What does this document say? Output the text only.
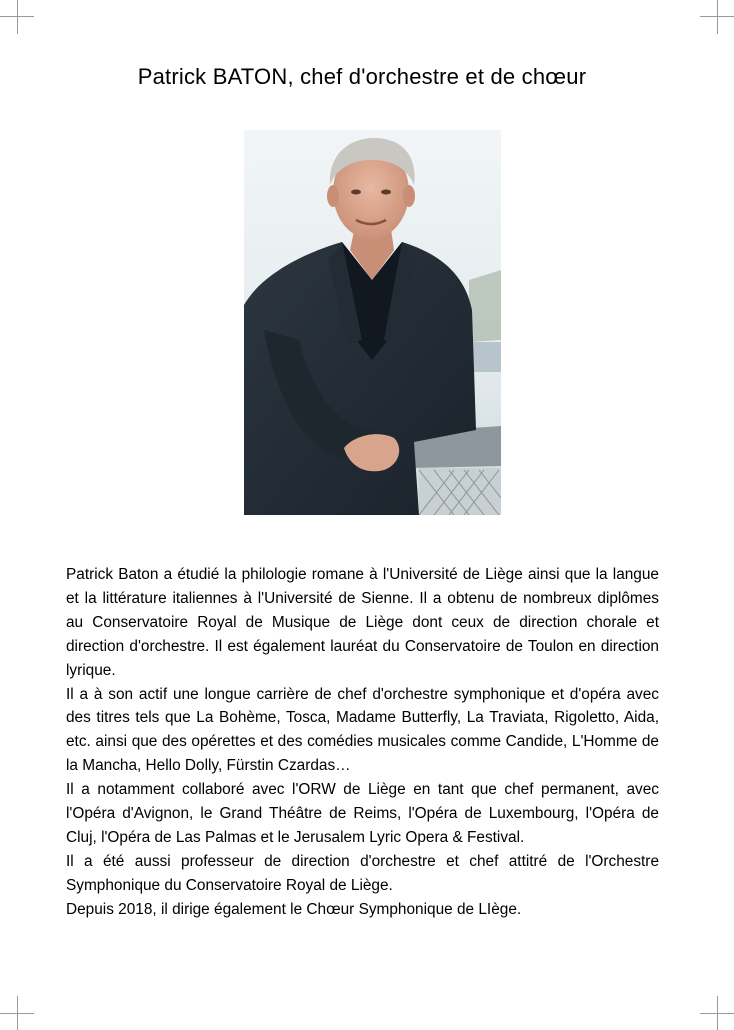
Patrick BATON, chef d'orchestre et de chœur

Patrick Baton a étudié la philologie romane à l'Université de Liège ainsi que la langue et la littérature italiennes à l'Université de Sienne. Il a obtenu de nombreux diplômes au Conservatoire Royal de Musique de Liège dont ceux de direction chorale et direction d'orchestre. Il est également lauréat du Conservatoire de Toulon en direction lyrique.

Il a à son actif une longue carrière de chef d'orchestre symphonique et d'opéra avec des titres tels que La Bohème, Tosca, Madame Butterfly, La Traviata, Rigoletto, Aida, etc. ainsi que des opérettes et des comédies musicales comme Candide, L'Homme de la Mancha, Hello Dolly, Fürstin Czardas…

Il a notamment collaboré avec l'ORW de Liège en tant que chef permanent, avec l'Opéra d'Avignon, le Grand Théâtre de Reims, l'Opéra de Luxembourg, l'Opéra de Cluj, l'Opéra de Las Palmas et le Jerusalem Lyric Opera & Festival.

Il a été aussi professeur de direction d'orchestre et chef attitré de l'Orchestre Symphonique du Conservatoire Royal de Liège.

Depuis 2018, il dirige également le Chœur Symphonique de LIège.
